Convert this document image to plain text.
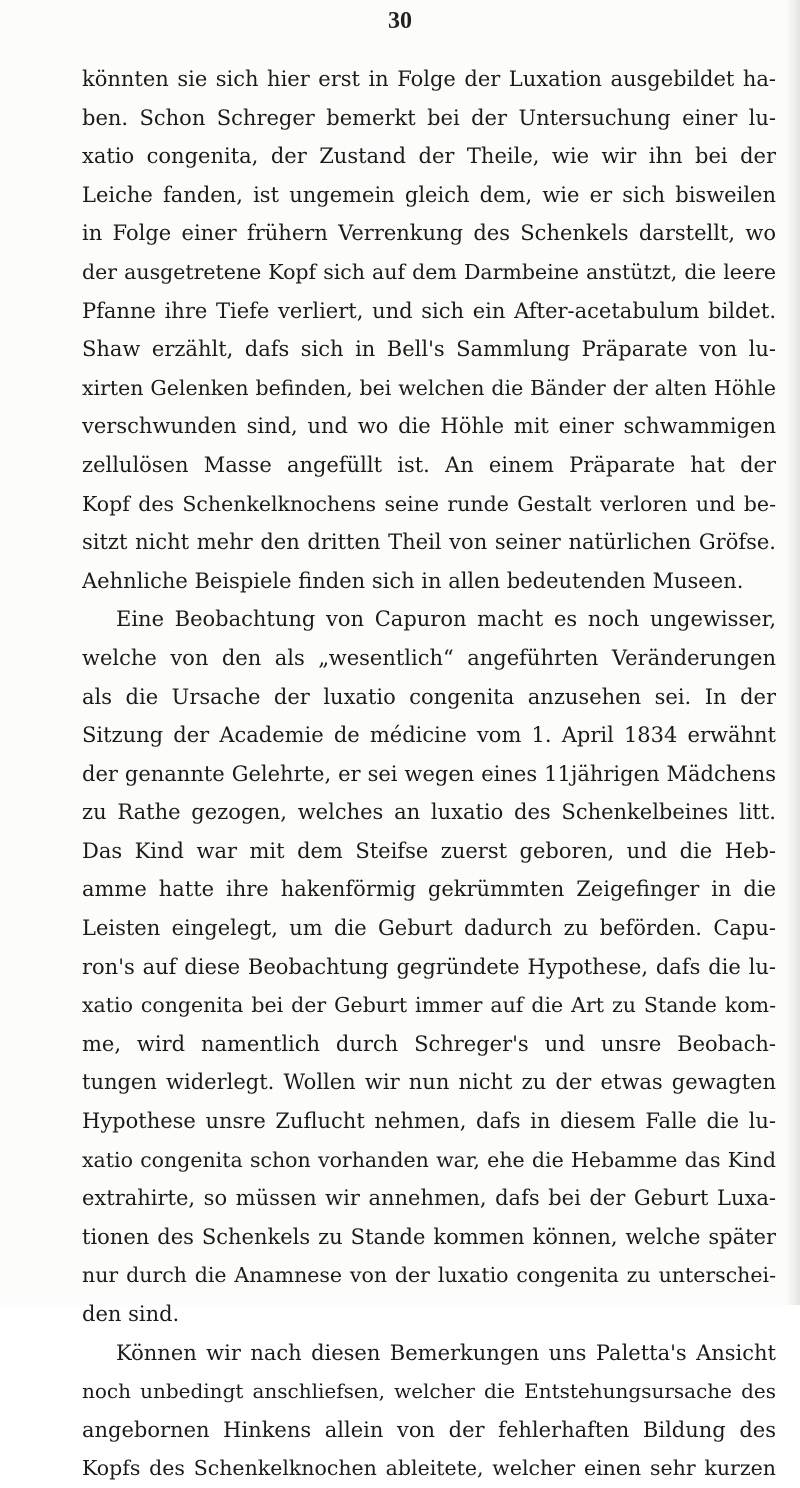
30
könnten sie sich hier erst in Folge der Luxation ausgebildet ha-
ben. Schon Schreger bemerkt bei der Untersuchung einer lu-
xatio congenita, der Zustand der Theile, wie wir ihn bei der
Leiche fanden, ist ungemein gleich dem, wie er sich bisweilen
in Folge einer frühern Verrenkung des Schenkels darstellt, wo
der ausgetretene Kopf sich auf dem Darmbeine anstützt, die leere
Pfanne ihre Tiefe verliert, und sich ein After-acetabulum bildet.
Shaw erzählt, dafs sich in Bell's Sammlung Präparate von lu-
xirten Gelenken befinden, bei welchen die Bänder der alten Höhle
verschwunden sind, und wo die Höhle mit einer schwammigen
zellulösen Masse angefüllt ist. An einem Präparate hat der
Kopf des Schenkelknochens seine runde Gestalt verloren und be-
sitzt nicht mehr den dritten Theil von seiner natürlichen Gröfse.
Aehnliche Beispiele finden sich in allen bedeutenden Museen.
Eine Beobachtung von Capuron macht es noch ungewisser,
welche von den als „wesentlich“ angeführten Veränderungen
als die Ursache der luxatio congenita anzusehen sei. In der
Sitzung der Academie de médicine vom 1. April 1834 erwähnt
der genannte Gelehrte, er sei wegen eines 11jährigen Mädchens
zu Rathe gezogen, welches an luxatio des Schenkelbeines litt.
Das Kind war mit dem Steifse zuerst geboren, und die Heb-
amme hatte ihre hakenförmig gekrümmten Zeigefinger in die
Leisten eingelegt, um die Geburt dadurch zu beförden. Capu-
ron's auf diese Beobachtung gegründete Hypothese, dafs die lu-
xatio congenita bei der Geburt immer auf die Art zu Stande kom-
me, wird namentlich durch Schreger's und unsre Beobach-
tungen widerlegt. Wollen wir nun nicht zu der etwas gewagten
Hypothese unsre Zuflucht nehmen, dafs in diesem Falle die lu-
xatio congenita schon vorhanden war, ehe die Hebamme das Kind
extrahirte, so müssen wir annehmen, dafs bei der Geburt Luxa-
tionen des Schenkels zu Stande kommen können, welche später
nur durch die Anamnese von der luxatio congenita zu unterschei-
den sind.
Können wir nach diesen Bemerkungen uns Paletta's Ansicht
noch unbedingt anschliefsen, welcher die Entstehungsursache des
angebornen Hinkens allein von der fehlerhaften Bildung des
Kopfs des Schenkelknochen ableitete, welcher einen sehr kurzen
